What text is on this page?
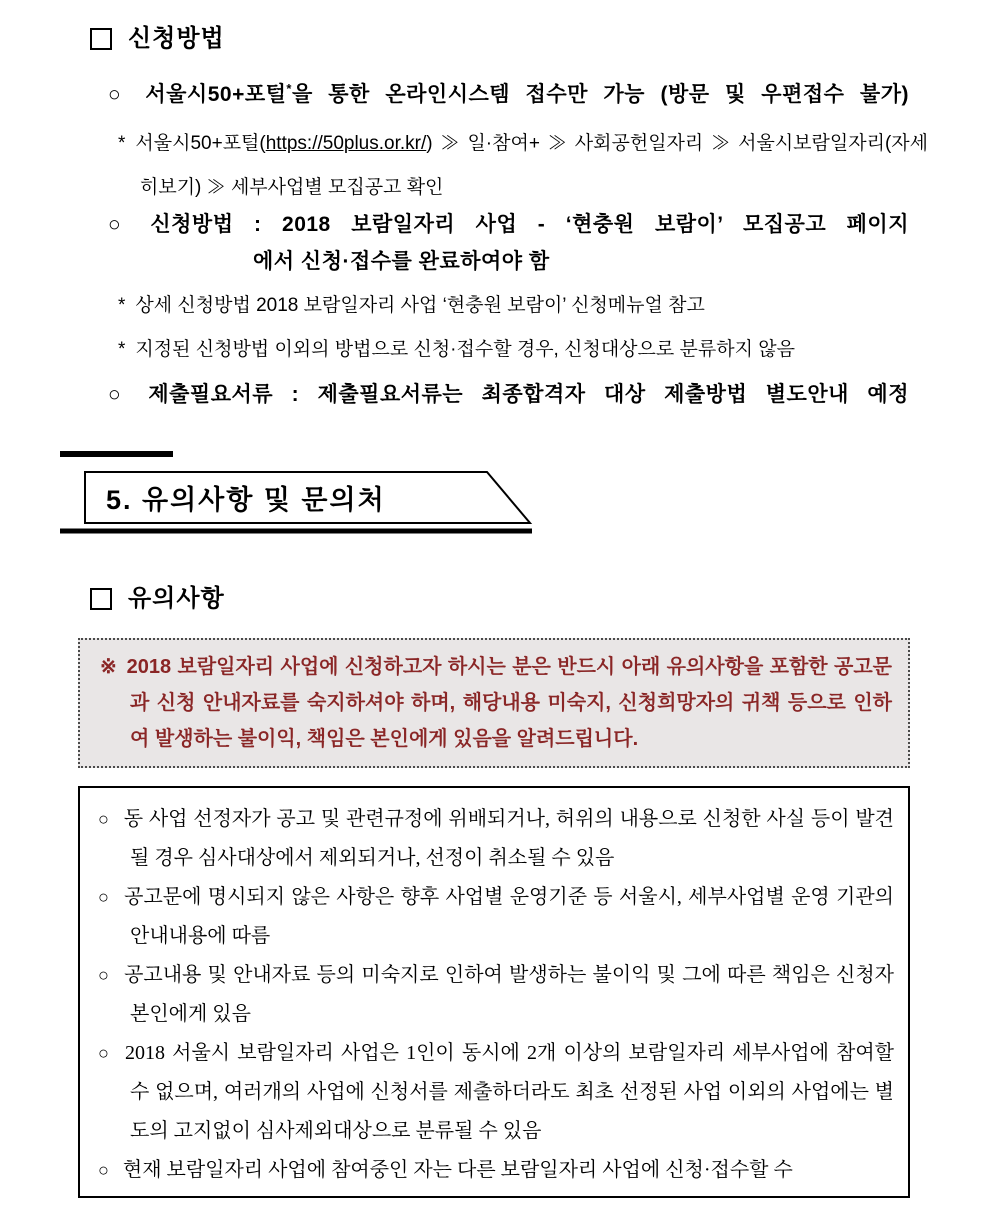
신청방법
○ 서울시50+포털*을 통한 온라인시스템 접수만 가능 (방문 및 우편접수 불가)
* 서울시50+포털(https://50plus.or.kr/) ≫ 일·참여+ ≫ 사회공헌일자리 ≫ 서울시보람일자리(자세히보기) ≫ 세부사업별 모집공고 확인
○ 신청방법 : 2018 보람일자리 사업 - ‘현충원 보람이’ 모집공고 페이지
에서 신청·접수를 완료하여야 함
* 상세 신청방법 2018 보람일자리 사업 ‘현충원 보람이’ 신청메뉴얼 참고
* 지정된 신청방법 이외의 방법으로 신청·접수할 경우, 신청대상으로 분류하지 않음
○ 제출필요서류 : 제출필요서류는 최종합격자 대상 제출방법 별도안내 예정
5. 유의사항 및 문의처
유의사항
※ 2018 보람일자리 사업에 신청하고자 하시는 분은 반드시 아래 유의사항을 포함한 공고문과 신청 안내자료를 숙지하셔야 하며, 해당내용 미숙지, 신청희망자의 귀책 등으로 인하여 발생하는 불이익, 책임은 본인에게 있음을 알려드립니다.

○ 동 사업 선정자가 공고 및 관련규정에 위배되거나, 허위의 내용으로 신청한 사실 등이 발견될 경우 심사대상에서 제외되거나, 선정이 취소될 수 있음

○ 공고문에 명시되지 않은 사항은 향후 사업별 운영기준 등 서울시, 세부사업별 운영 기관의 안내내용에 따름

○ 공고내용 및 안내자료 등의 미숙지로 인하여 발생하는 불이익 및 그에 따른 책임은 신청자 본인에게 있음

○ 2018 서울시 보람일자리 사업은 1인이 동시에 2개 이상의 보람일자리 세부사업에 참여할 수 없으며, 여러개의 사업에 신청서를 제출하더라도 최초 선정된 사업 이외의 사업에는 별도의 고지없이 심사제외대상으로 분류될 수 있음

○ 현재 보람일자리 사업에 참여중인 자는 다른 보람일자리 사업에 신청·접수할 수
